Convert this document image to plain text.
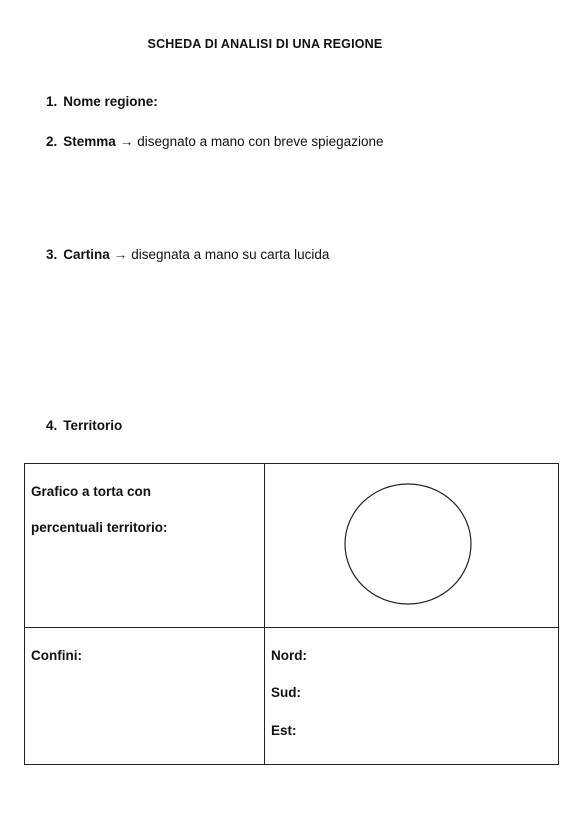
SCHEDA DI ANALISI DI UNA REGIONE
1. Nome regione:
2. Stemma → disegnato a mano con breve spiegazione
3. Cartina → disegnata a mano su carta lucida
4. Territorio
Grafico a torta con
percentuali territorio:

Confini:	Nord:
Sud:
Est:
